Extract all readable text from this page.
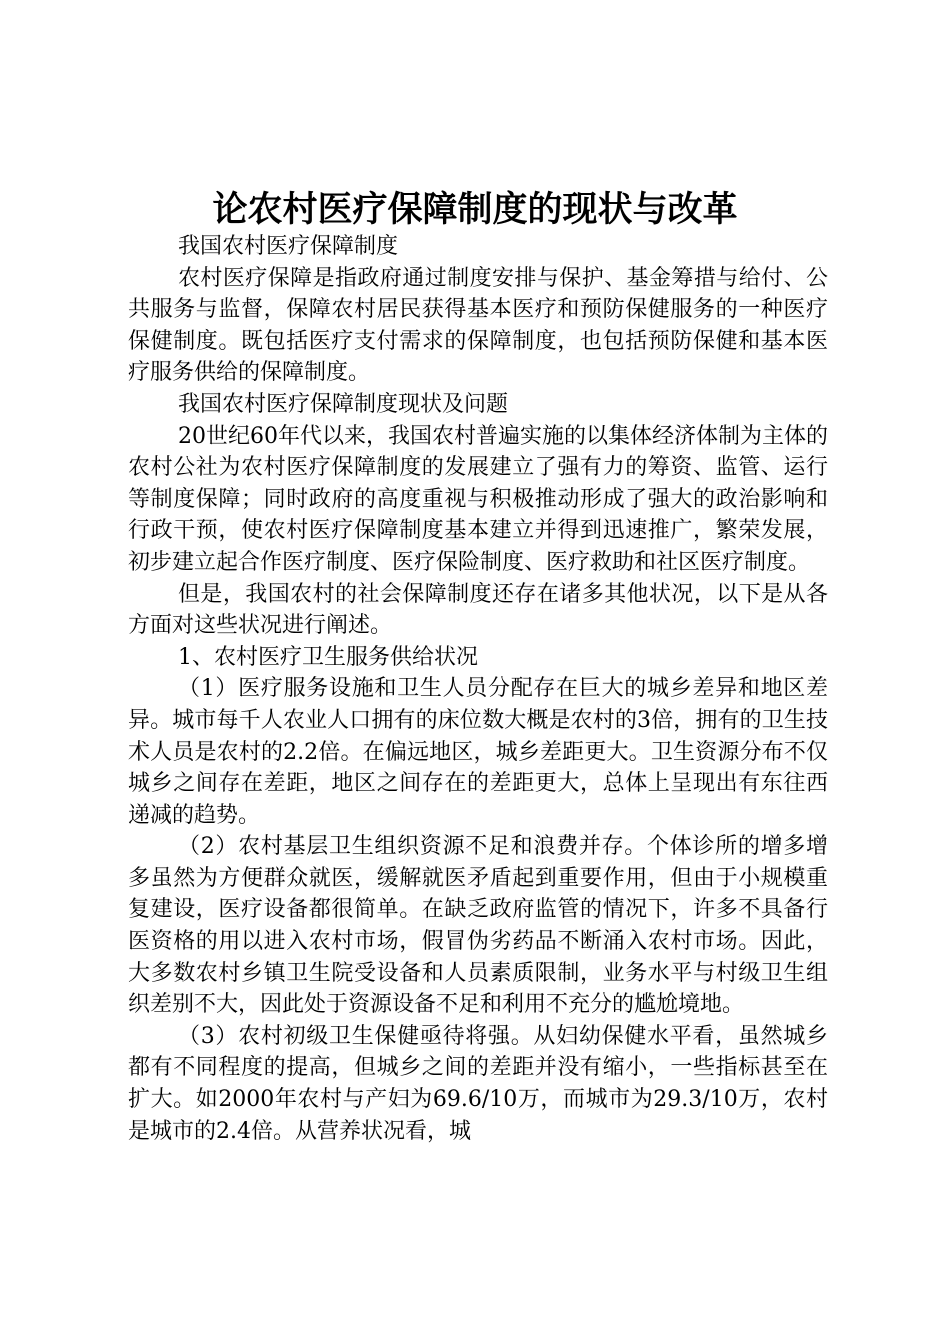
论农村医疗保障制度的现状与改革

我国农村医疗保障制度

农村医疗保障是指政府通过制度安排与保护、基金筹措与给付、公共服务与监督，保障农村居民获得基本医疗和预防保健服务的一种医疗保健制度。既包括医疗支付需求的保障制度，也包括预防保健和基本医疗服务供给的保障制度。

我国农村医疗保障制度现状及问题

20世纪60年代以来，我国农村普遍实施的以集体经济体制为主体的农村公社为农村医疗保障制度的发展建立了强有力的筹资、监管、运行等制度保障；同时政府的高度重视与积极推动形成了强大的政治影响和行政干预，使农村医疗保障制度基本建立并得到迅速推广，繁荣发展，初步建立起合作医疗制度、医疗保险制度、医疗救助和社区医疗制度。

但是，我国农村的社会保障制度还存在诸多其他状况，以下是从各方面对这些状况进行阐述。

1、农村医疗卫生服务供给状况

（1）医疗服务设施和卫生人员分配存在巨大的城乡差异和地区差异。城市每千人农业人口拥有的床位数大概是农村的3倍，拥有的卫生技术人员是农村的2.2倍。在偏远地区，城乡差距更大。卫生资源分布不仅城乡之间存在差距，地区之间存在的差距更大，总体上呈现出有东往西递减的趋势。

（2）农村基层卫生组织资源不足和浪费并存。个体诊所的增多增多虽然为方便群众就医，缓解就医矛盾起到重要作用，但由于小规模重复建设，医疗设备都很简单。在缺乏政府监管的情况下，许多不具备行医资格的用以进入农村市场，假冒伪劣药品不断涌入农村市场。因此，大多数农村乡镇卫生院受设备和人员素质限制，业务水平与村级卫生组织差别不大，因此处于资源设备不足和利用不充分的尴尬境地。

（3）农村初级卫生保健亟待将强。从妇幼保健水平看，虽然城乡都有不同程度的提高，但城乡之间的差距并没有缩小，一些指标甚至在扩大。如2000年农村与产妇为69.6/10万，而城市为29.3/10万，农村是城市的2.4倍。从营养状况看，城
